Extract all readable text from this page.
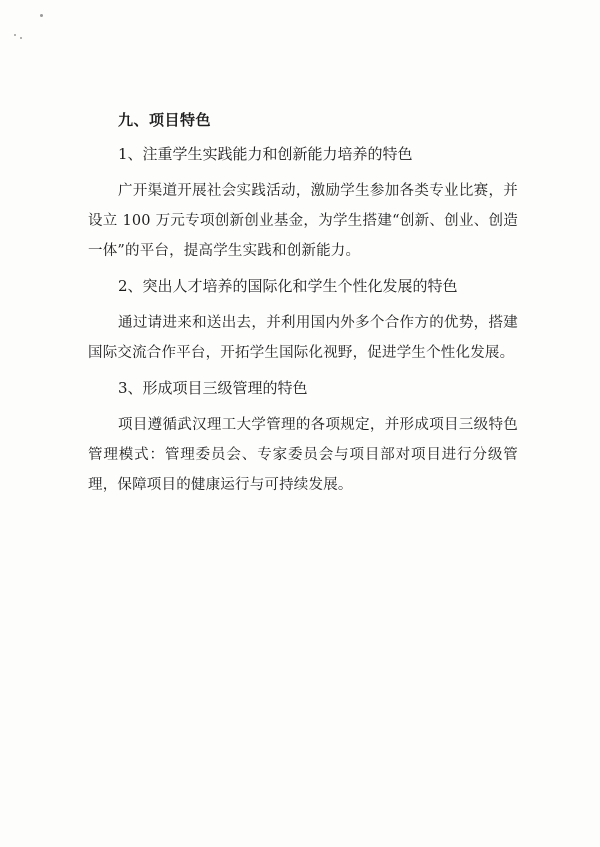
九、项目特色
1、注重学生实践能力和创新能力培养的特色

广开渠道开展社会实践活动，激励学生参加各类专业比赛，并设立 100 万元专项创新创业基金，为学生搭建“创新、创业、创造一体”的平台，提高学生实践和创新能力。

2、突出人才培养的国际化和学生个性化发展的特色

通过请进来和送出去，并利用国内外多个合作方的优势，搭建国际交流合作平台，开拓学生国际化视野，促进学生个性化发展。

3、形成项目三级管理的特色

项目遵循武汉理工大学管理的各项规定，并形成项目三级特色管理模式：管理委员会、专家委员会与项目部对项目进行分级管理，保障项目的健康运行与可持续发展。
